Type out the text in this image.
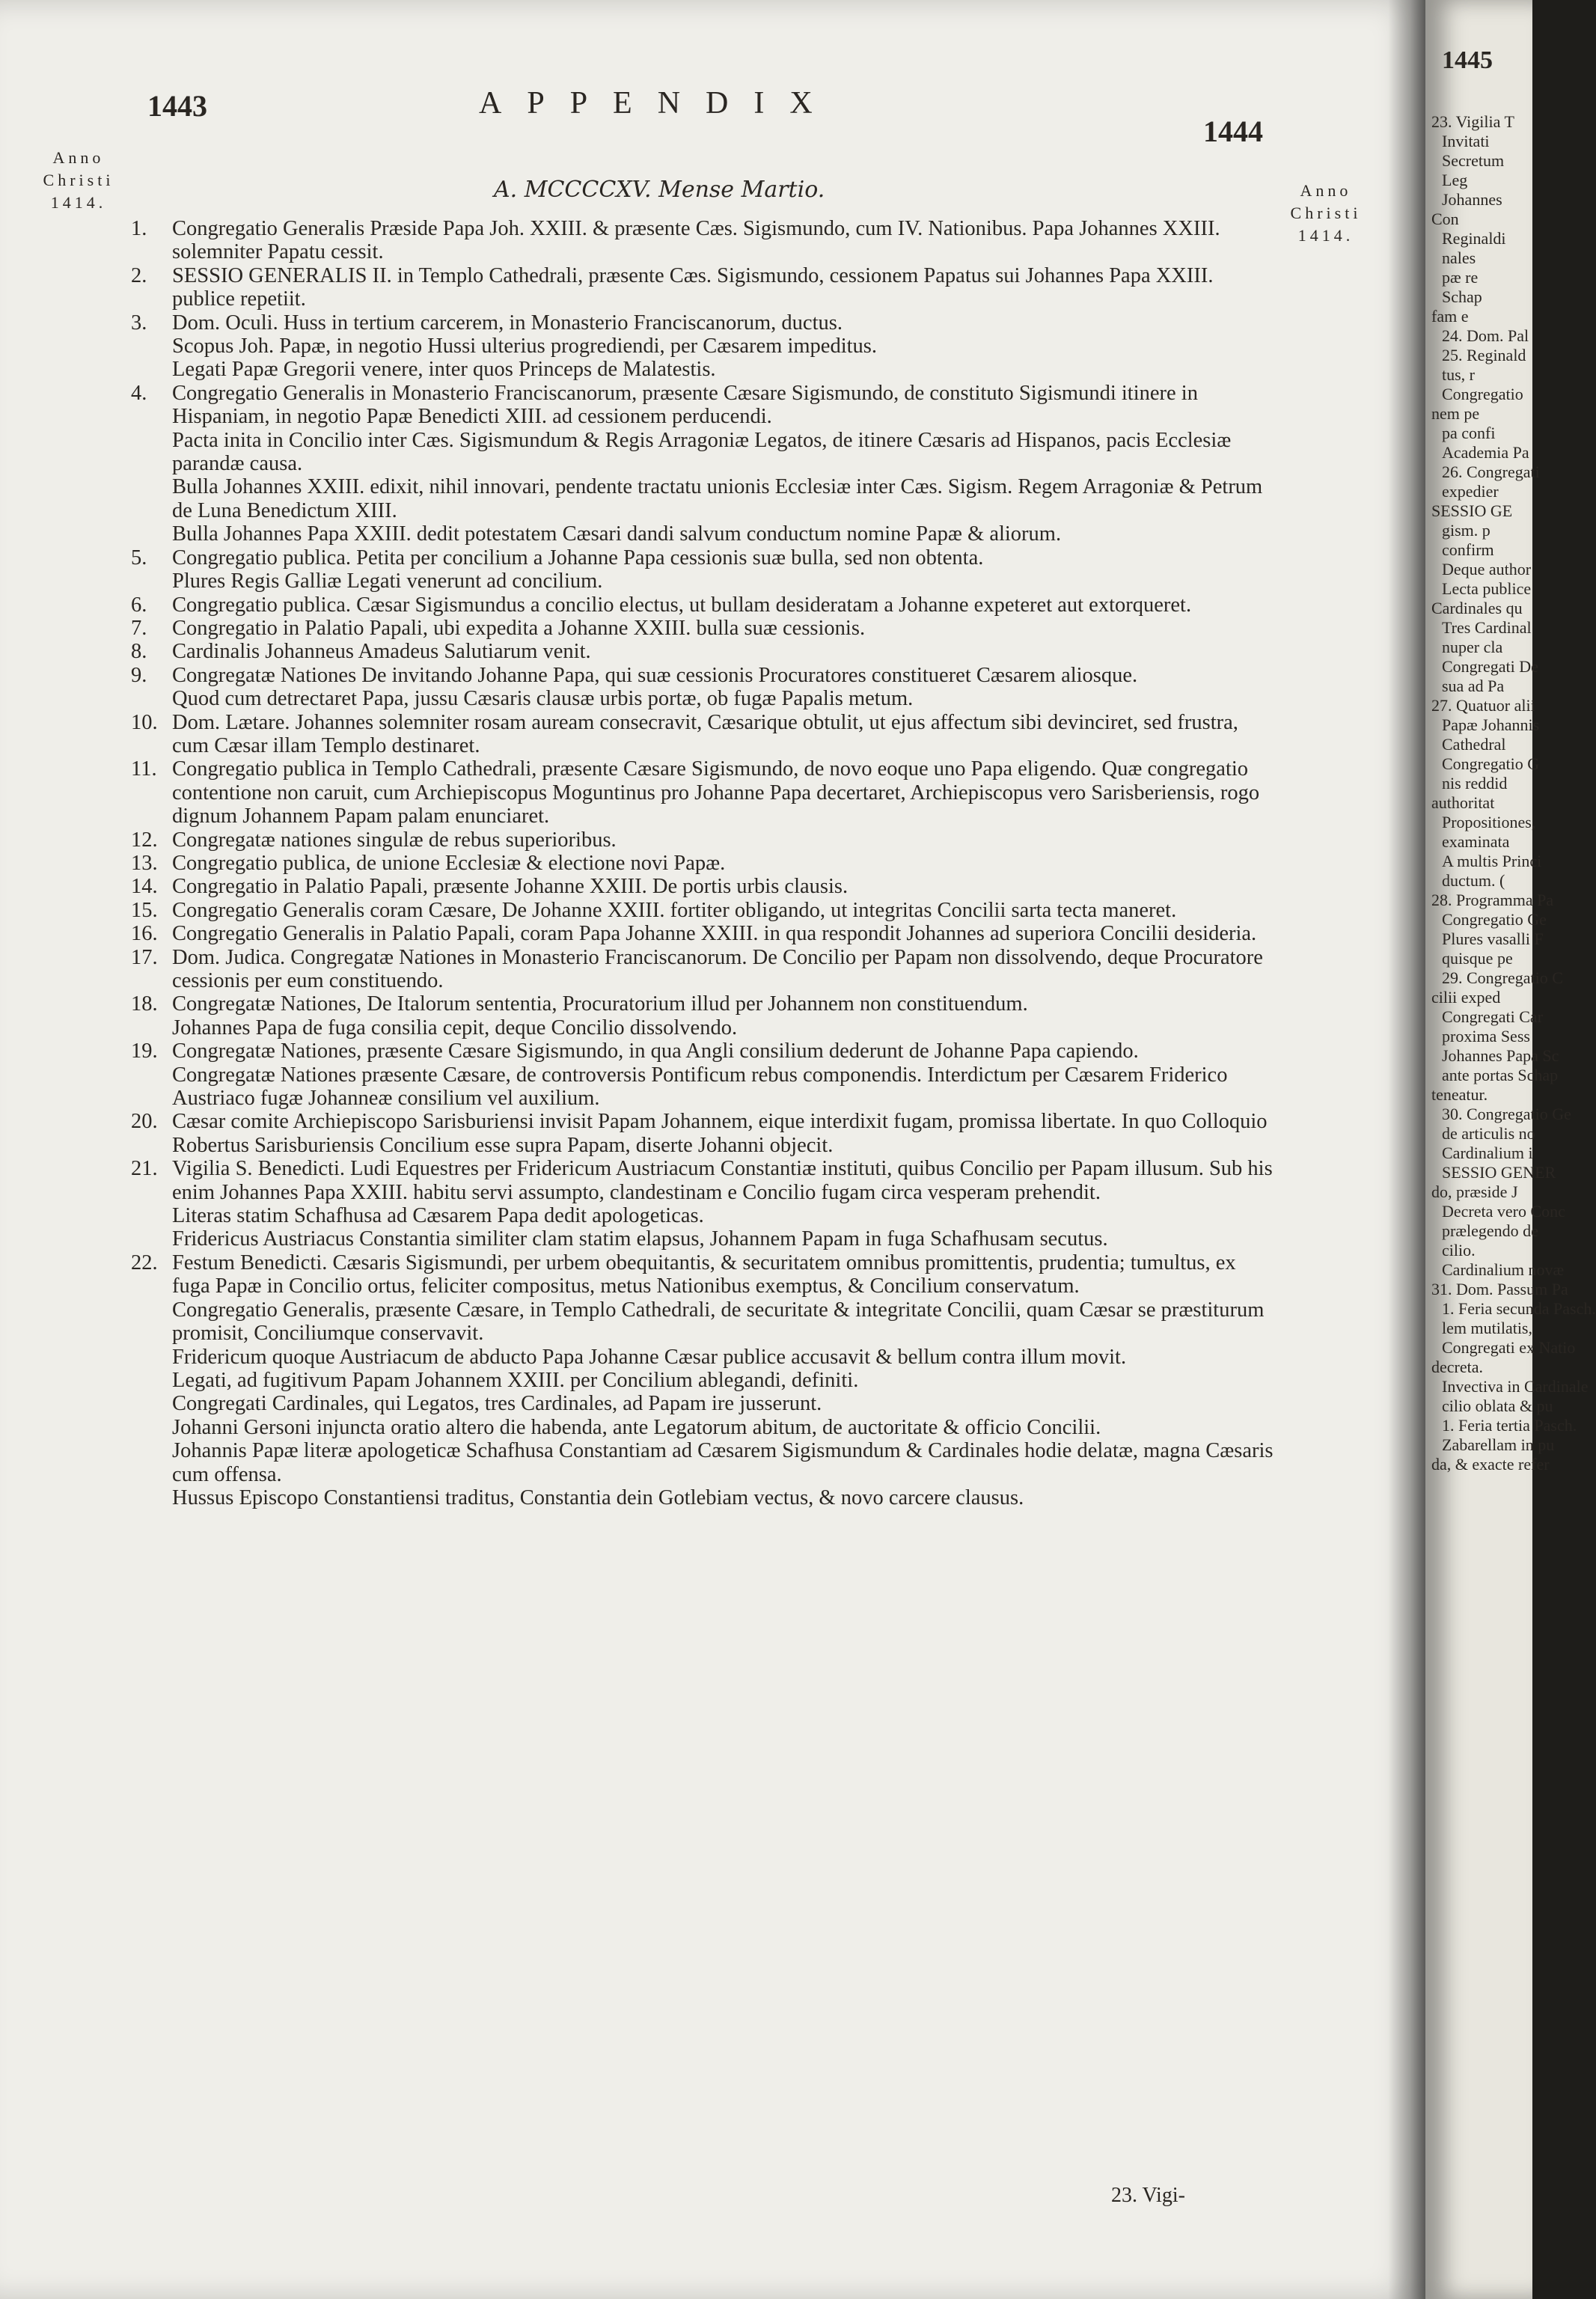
1443	APPENDIX
1444
Anno
Christi
1414.
Anno
Christi
1414.
A. MCCCCXV. Mense Martio.
1.	Congregatio Generalis Præside Papa Joh. XXIII. & præsente Cæs. Sigismundo, cum IV. Nationibus. Papa Johannes XXIII. solemniter Papatu cessit.
2.	SESSIO GENERALIS II. in Templo Cathedrali, præsente Cæs. Sigismundo, cessionem Papatus sui Johannes Papa XXIII. publice repetiit.
3.	Dom. Oculi. Huss in tertium carcerem, in Monasterio Franciscanorum, ductus.
Scopus Joh. Papæ, in negotio Hussi ulterius progrediendi, per Cæsarem impeditus.
Legati Papæ Gregorii venere, inter quos Princeps de Malatestis.
4.	Congregatio Generalis in Monasterio Franciscanorum, præsente Cæsare Sigismundo, de constituto Sigismundi itinere in Hispaniam, in negotio Papæ Benedicti XIII. ad cessionem perducendi.
Pacta inita in Concilio inter Cæs. Sigismundum & Regis Arragoniæ Legatos, de itinere Cæsaris ad Hispanos, pacis Ecclesiæ parandæ causa.
Bulla Johannes XXIII. edixit, nihil innovari, pendente tractatu unionis Ecclesiæ inter Cæs. Sigism. Regem Arragoniæ & Petrum de Luna Benedictum XIII.
Bulla Johannes Papa XXIII. dedit potestatem Cæsari dandi salvum conductum nomine Papæ & aliorum.
5.	Congregatio publica. Petita per concilium a Johanne Papa cessionis suæ bulla, sed non obtenta.
Plures Regis Galliæ Legati venerunt ad concilium.
6.	Congregatio publica. Cæsar Sigismundus a concilio electus, ut bullam desideratam a Johanne expeteret aut extorqueret.
7.	Congregatio in Palatio Papali, ubi expedita a Johanne XXIII. bulla suæ cessionis.
8.	Cardinalis Johanneus Amadeus Salutiarum venit.
9.	Congregatæ Nationes De invitando Johanne Papa, qui suæ cessionis Procuratores constitueret Cæsarem aliosque.
Quod cum detrectaret Papa, jussu Cæsaris clausæ urbis portæ, ob fugæ Papalis metum.
10. Dom. Lætare. Johannes solemniter rosam auream consecravit, Cæsarique obtulit, ut ejus affectum sibi devinciret, sed frustra, cum Cæsar illam Templo destinaret.
11. Congregatio publica in Templo Cathedrali, præsente Cæsare Sigismundo, de novo eoque uno Papa eligendo. Quæ congregatio contentione non caruit, cum Archiepiscopus Moguntinus pro Johanne Papa decertaret, Archiepiscopus vero Sarisberiensis, rogo dignum Johannem Papam palam enunciaret.
12. Congregatæ nationes singulæ de rebus superioribus.
13. Congregatio publica, de unione Ecclesiæ & electione novi Papæ.
14. Congregatio in Palatio Papali, præsente Johanne XXIII. De portis urbis clausis.
15. Congregatio Generalis coram Cæsare, De Johanne XXIII. fortiter obligando, ut integritas Concilii sarta tecta maneret.
16. Congregatio Generalis in Palatio Papali, coram Papa Johanne XXIII. in qua respondit Johannes ad superiora Concilii desideria.
17. Dom. Judica. Congregatæ Nationes in Monasterio Franciscanorum. De Concilio per Papam non dissolvendo, deque Procuratore cessionis per eum constituendo.
18. Congregatæ Nationes, De Italorum sententia, Procuratorium illud per Johannem non constituendum.
Johannes Papa de fuga consilia cepit, deque Concilio dissolvendo.
19. Congregatæ Nationes, præsente Cæsare Sigismundo, in qua Angli consilium dederunt de Johanne Papa capiendo.
Congregatæ Nationes præsente Cæsare, de controversis Pontificum rebus componendis. Interdictum per Cæsarem Friderico Austriaco fugæ Johanneæ consilium vel auxilium.
20. Cæsar comite Archiepiscopo Sarisburiensi invisit Papam Johannem, eique interdixit fugam, promissa libertate. In quo Colloquio Robertus Sarisburiensis Concilium esse supra Papam, diserte Johanni objecit.
21. Vigilia S. Benedicti. Ludi Equestres per Fridericum Austriacum Constantiæ instituti, quibus Concilio per Papam illusum. Sub his enim Johannes Papa XXIII. habitu servi assumpto, clandestinam e Concilio fugam circa vesperam prehendit.
Literas statim Schafhusa ad Cæsarem Papa dedit apologeticas.
Fridericus Austriacus Constantia similiter clam statim elapsus, Johannem Papam in fuga Schafhusam secutus.
22. Festum Benedicti. Cæsaris Sigismundi, per urbem obequitantis, & securitatem omnibus promittentis, prudentia; tumultus, ex fuga Papæ in Concilio ortus, feliciter compositus, metus Nationibus exemptus, & Concilium conservatum.
Congregatio Generalis, præsente Cæsare, in Templo Cathedrali, de securitate & integritate Concilii, quam Cæsar se præstiturum promisit, Conciliumque conservavit.
Fridericum quoque Austriacum de abducto Papa Johanne Cæsar publice accusavit & bellum contra illum movit.
Legati, ad fugitivum Papam Johannem XXIII. per Concilium ablegandi, definiti.
Congregati Cardinales, qui Legatos, tres Cardinales, ad Papam ire jusserunt.
Johanni Gersoni injuncta oratio altero die habenda, ante Legatorum abitum, de auctoritate & officio Concilii.
Johannis Papæ literæ apologeticæ Schafhusa Constantiam ad Cæsarem Sigismundum & Cardinales hodie delatæ, magna Cæsaris cum offensa.
Hussus Episcopo Constantiensi traditus, Constantia dein Gotlebiam vectus, & novo carcere clausus.
23. Vigi-
1445
23. Vigilia T
Invitati
Secretum
Leg
Johannes
Con
Reginaldi
nales
pæ re
Schap
fam e
24. Dom. Pal
25. Reginald
tus, r
Congregatio
nem pe
pa confi
Academia Pa
26. Congregati
expedier
SESSIO GE
gism. p
confirm
Deque author
Lecta publice
Cardinales qu
Tres Cardinal
nuper cla
Congregati De
sua ad Pa
27. Quatuor alii
Papæ Johannis
Cathedral
Congregatio G
nis reddid
authoritat
Propositiones,
examinata
A multis Princi
ductum. (
28. Programma Pa
Congregatio Ge
Plures vasalli F
quisque pe
29. Congregatio C
cilii exped
Congregati Car
proxima Sess
Johannes Papa Sc
ante portas Schap
teneatur.
30. Congregatio Ge
de articulis no
Cardinalium i
SESSIO GENER
do, præside J
Decreta vero Conc
prælegendo de
cilio.
Cardinalium novæ
31. Dom. Passum Pa
1. Feria secunda Pasch.
lem mutilatis,
Congregati ex Natio
decreta.
Invectiva in Cardinale
cilio oblata & pu
1. Feria tertia Pasch.
Zabarellam in pu
da, & exacte refer
